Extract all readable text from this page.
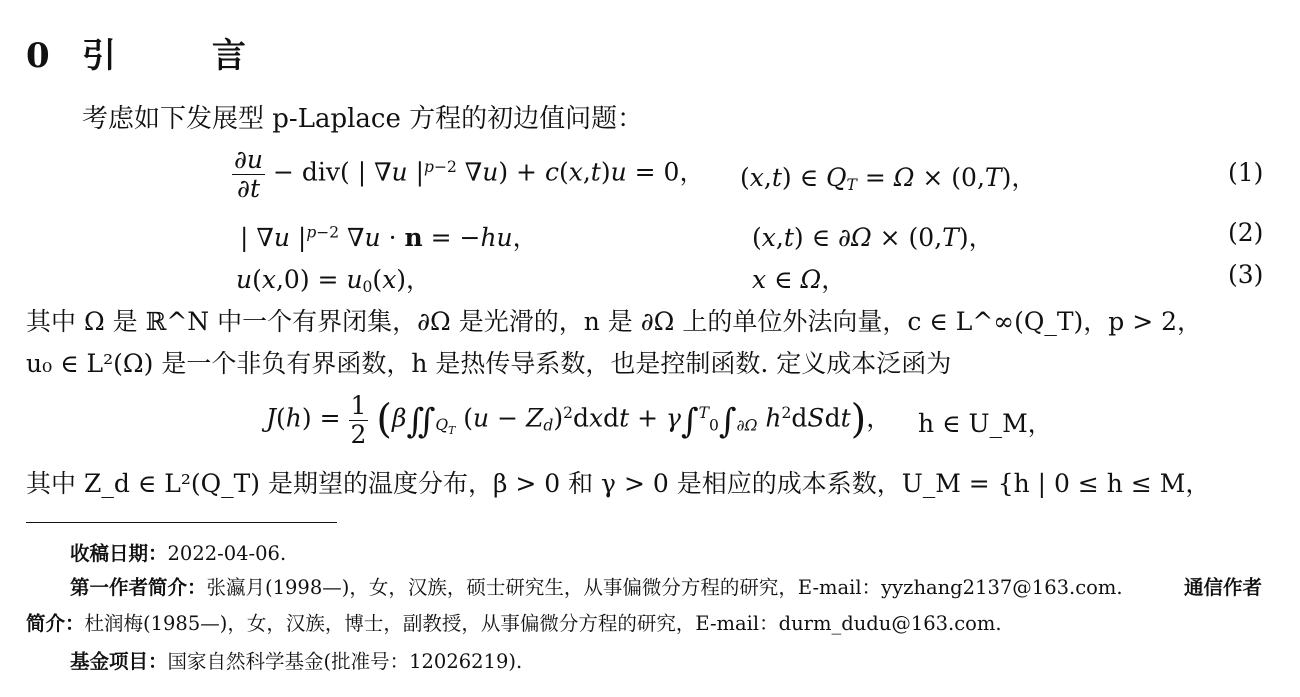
0 引 言
考虑如下发展型 p-Laplace 方程的初边值问题：
$\frac{\partial u}{\partial t} - div$( | ∇u $|^{p-2}$ ∇u) + c(x,t)u = 0， (x,t) ∈ QT = Ω × (0,T)，	(1)
| ∇u $|^{p-2}$ ∇u · n = −hu，	(x,t) ∈ ∂Ω × (0,T)，	(2)
u(x,0) = u0(x)，	x ∈ Ω，	(3)
其中 Ω 是 ℝ^N 中一个有界闭集，∂Ω 是光滑的，n 是 ∂Ω 上的单位外法向量，c ∈ L^∞(Q_T)，p > 2，
u₀ ∈ L²(Ω) 是一个非负有界函数，h 是热传导系数，也是控制函数. 定义成本泛函为
$J(h) = \frac{1}{2}$ ($\beta∬Q_T$ $(u - Zd)^2dxdt + \gamma\int^T0\int\partial\Omega$ $h^2dSdt$)， h ∈ U_M，
其中 Z_d ∈ L²(Q_T) 是期望的温度分布，β > 0 和 γ > 0 是相应的成本系数，U_M = {h | 0 ≤ h ≤ M，
收稿日期：2022-04-06.
第一作者简介：张瀛月(1998—)，女，汉族，硕士研究生，从事偏微分方程的研究，E-mail：yyzhang2137@163.com.	通信作者
简介：杜润梅(1985—)，女，汉族，博士，副教授，从事偏微分方程的研究，E-mail：durm_dudu@163.com.
基金项目：国家自然科学基金(批准号：12026219).
